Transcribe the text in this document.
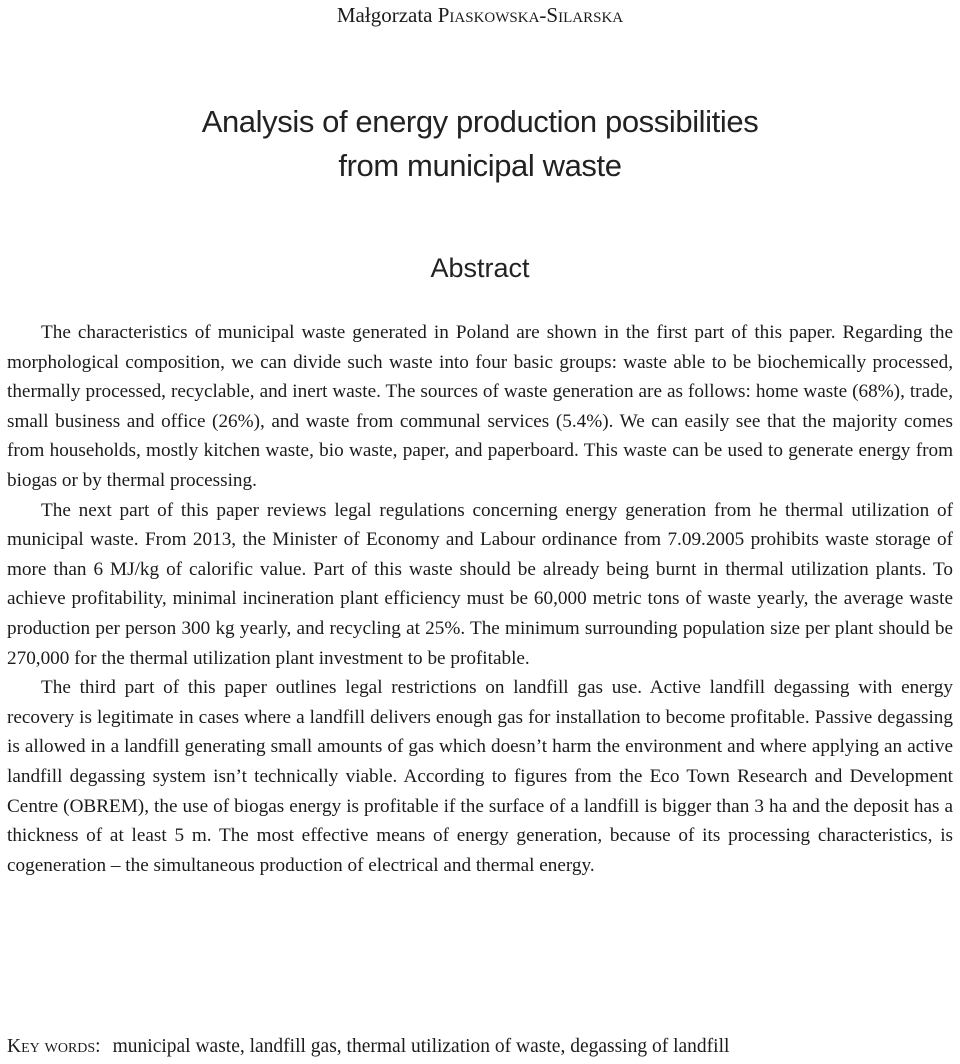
Małgorzata Piaskowska-Silarska
Analysis of energy production possibilities
from municipal waste
Abstract

The characteristics of municipal waste generated in Poland are shown in the first part of this paper. Regarding the morphological composition, we can divide such waste into four basic groups: waste able to be biochemically processed, thermally processed, recyclable, and inert waste. The sources of waste generation are as follows: home waste (68%), trade, small business and office (26%), and waste from communal services (5.4%). We can easily see that the majority comes from households, mostly kitchen waste, bio waste, paper, and paperboard. This waste can be used to generate energy from biogas or by thermal processing.

The next part of this paper reviews legal regulations concerning energy generation from he thermal utilization of municipal waste. From 2013, the Minister of Economy and Labour ordinance from 7.09.2005 prohibits waste storage of more than 6 MJ/kg of calorific value. Part of this waste should be already being burnt in thermal utilization plants. To achieve profitability, minimal incineration plant efficiency must be 60,000 metric tons of waste yearly, the average waste production per person 300 kg yearly, and recycling at 25%. The minimum surrounding population size per plant should be 270,000 for the thermal utilization plant investment to be profitable.

The third part of this paper outlines legal restrictions on landfill gas use. Active landfill degassing with energy recovery is legitimate in cases where a landfill delivers enough gas for installation to become profitable. Passive degassing is allowed in a landfill generating small amounts of gas which doesn’t harm the environment and where applying an active landfill degassing system isn’t technically viable. According to figures from the Eco Town Research and Development Centre (OBREM), the use of biogas energy is profitable if the surface of a landfill is bigger than 3 ha and the deposit has a thickness of at least 5 m. The most effective means of energy generation, because of its processing characteristics, is cogeneration – the simultaneous production of electrical and thermal energy.

Key words: municipal waste, landfill gas, thermal utilization of waste, degassing of landfill
